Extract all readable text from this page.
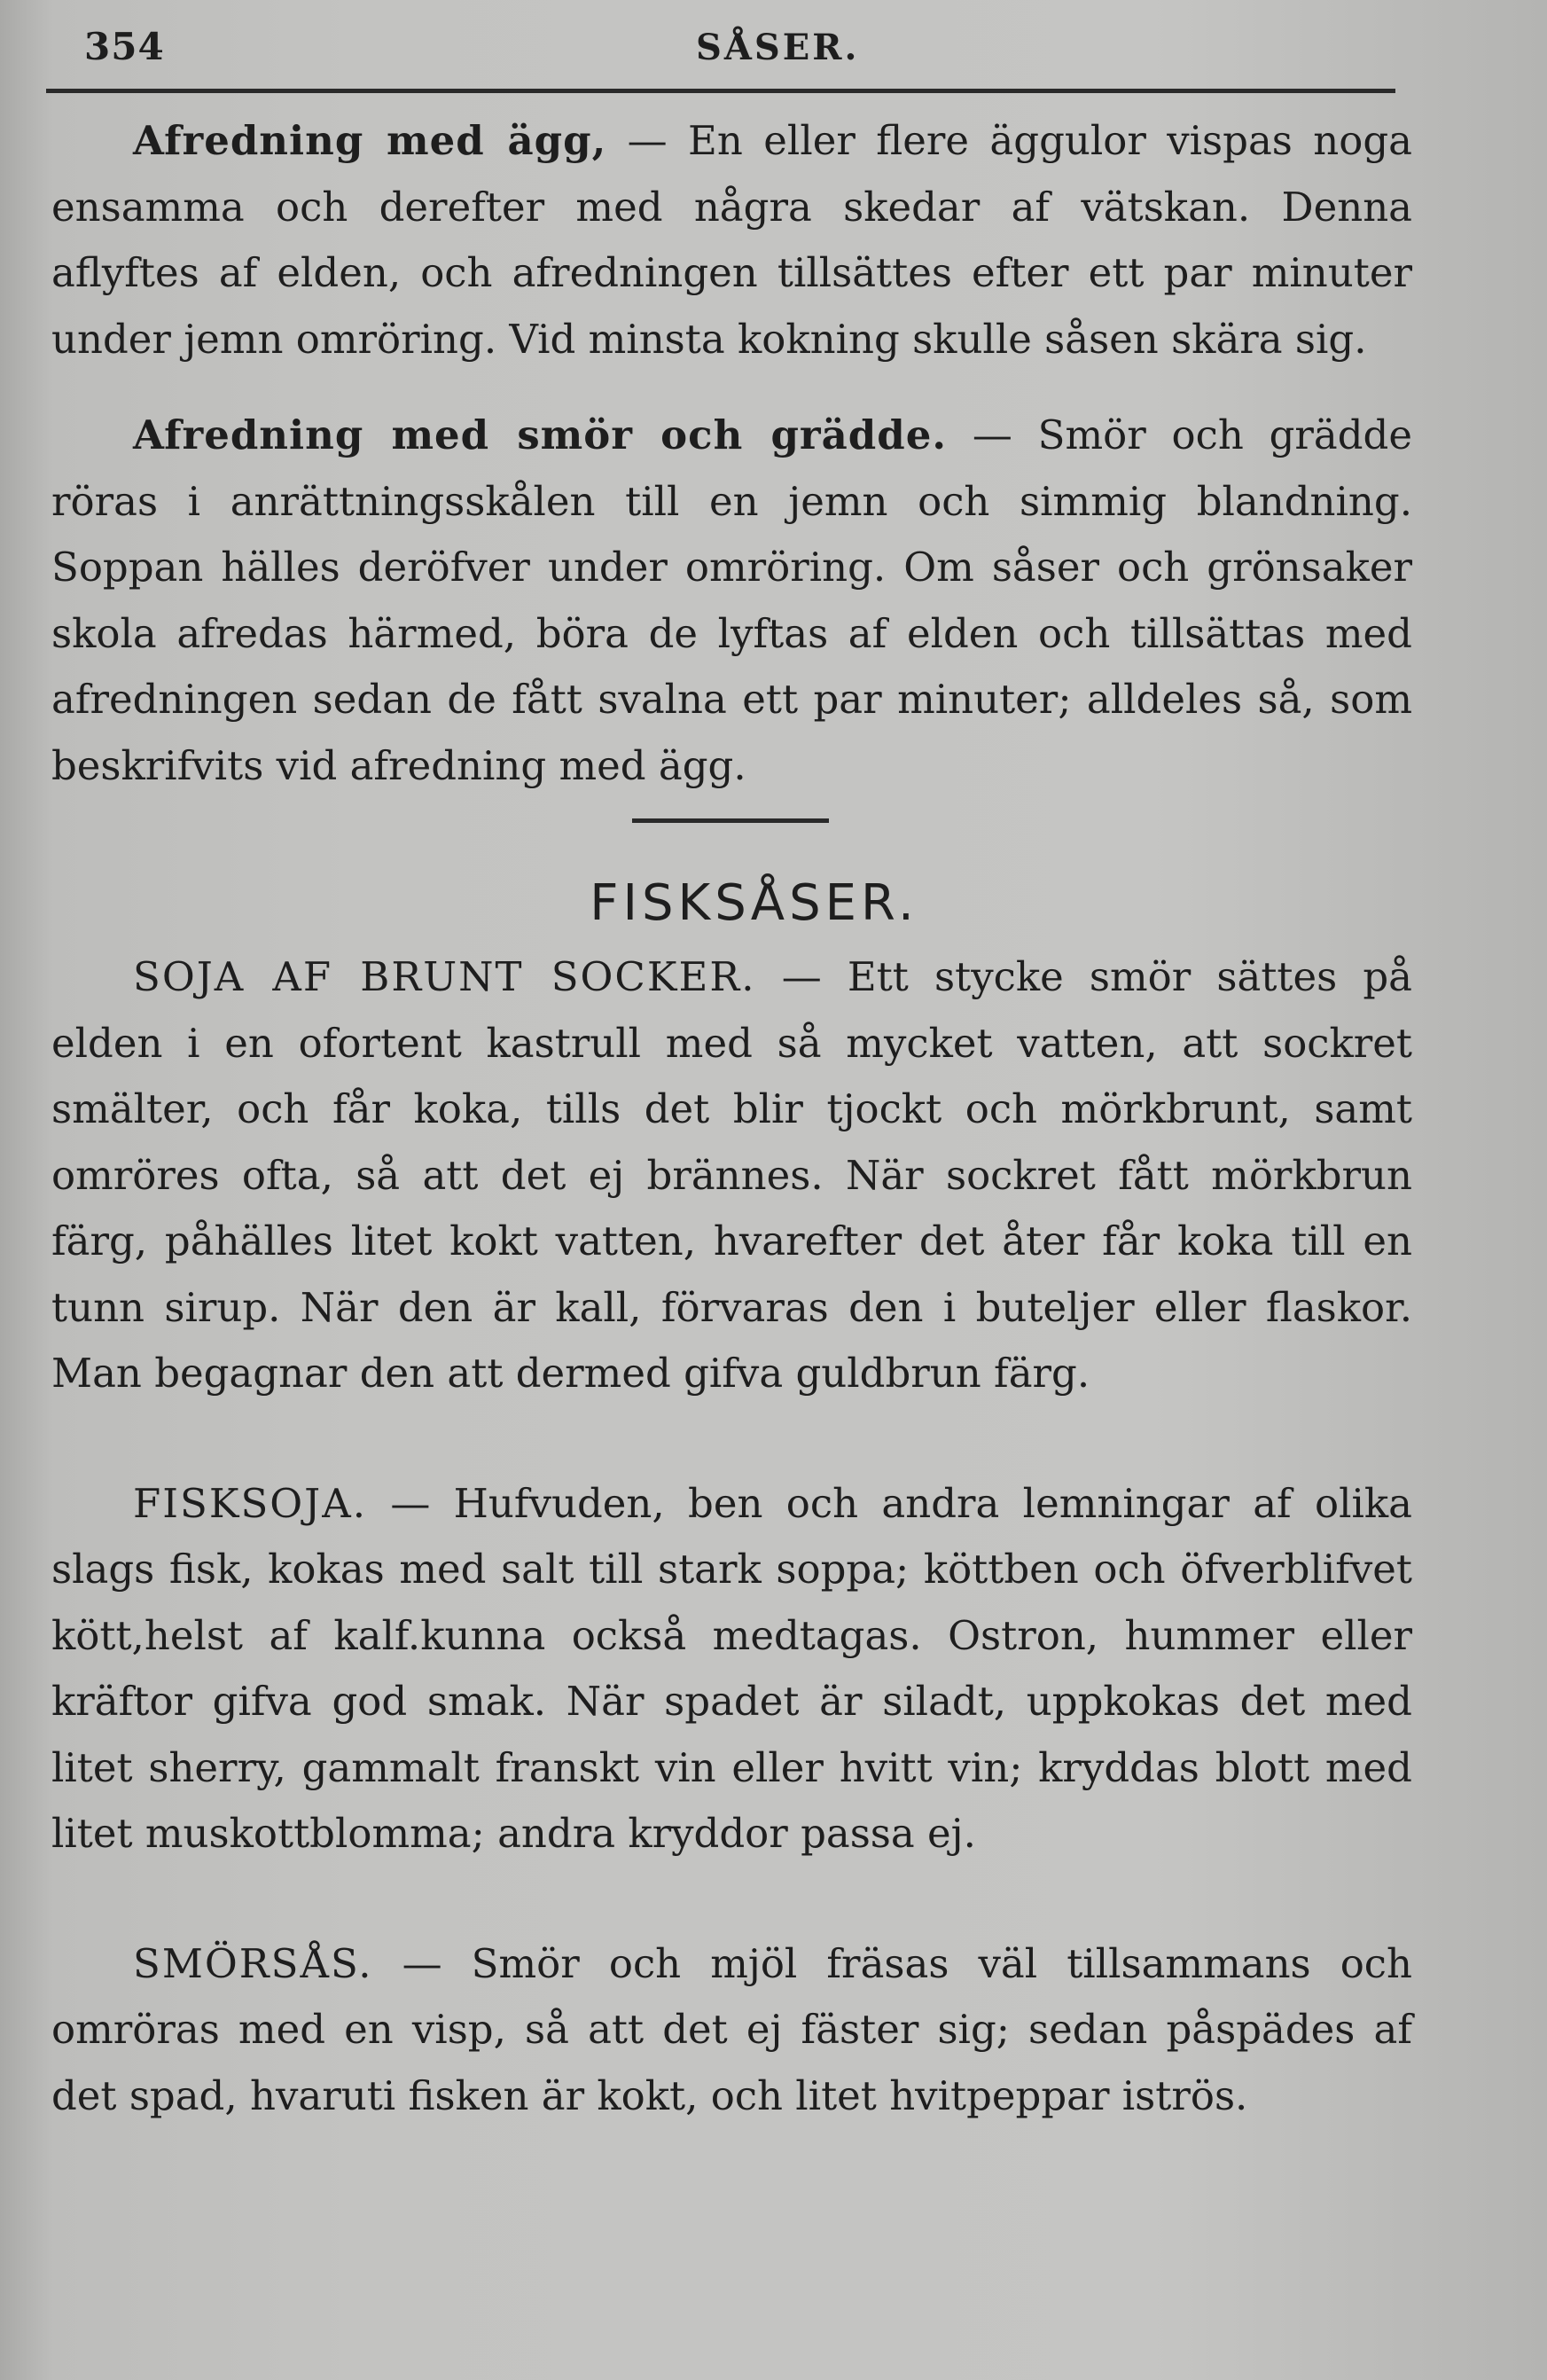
354	SÅSER.

Afredning med ägg, — En eller flere äggulor vispas noga ensamma och derefter med några skedar af vätskan. Denna aflyftes af elden, och afredningen tillsättes efter ett par minuter under jemn omröring. Vid minsta kokning skulle såsen skära sig.

Afredning med smör och grädde. — Smör och grädde röras i anrättningsskålen till en jemn och simmig blandning. Soppan hälles deröfver under omröring. Om såser och grönsaker skola afredas härmed, böra de lyftas af elden och tillsättas med afredningen sedan de fått svalna ett par minuter; alldeles så, som beskrifvits vid afredning med ägg.

FISKSÅSER.

SOJA AF BRUNT SOCKER. — Ett stycke smör sättes på elden i en ofortent kastrull med så mycket vatten, att sockret smälter, och får koka, tills det blir tjockt och mörkbrunt, samt omröres ofta, så att det ej brännes. När sockret fått mörkbrun färg, påhälles litet kokt vatten, hvarefter det åter får koka till en tunn sirup. När den är kall, förvaras den i buteljer eller flaskor. Man begagnar den att dermed gifva guldbrun färg.

FISKSOJA. — Hufvuden, ben och andra lemningar af olika slags fisk, kokas med salt till stark soppa; köttben och öfverblifvet kött,helst af kalf.kunna också medtagas. Ostron, hummer eller kräftor gifva god smak. När spadet är siladt, uppkokas det med litet sherry, gammalt franskt vin eller hvitt vin; kryddas blott med litet muskottblomma; andra kryddor passa ej.

SMÖRSÅS. — Smör och mjöl fräsas väl tillsammans och omröras med en visp, så att det ej fäster sig; sedan påspädes af det spad, hvaruti fisken är kokt, och litet hvitpeppar iströs.
